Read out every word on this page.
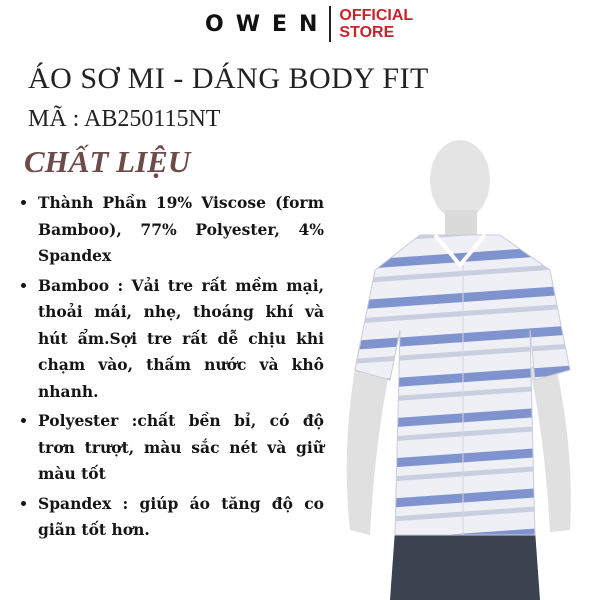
OWEN OFFICIAL
STORE
ÁO SƠ MI - DÁNG BODY FIT
MÃ : AB250115NT
CHẤT LIỆU
• Thành Phần 19% Viscose (form Bamboo), 77% Polyester, 4% Spandex
• Bamboo : Vải tre rất mềm mại, thoải mái, nhẹ, thoáng khí và hút ẩm.Sợi tre rất dễ chịu khi chạm vào, thấm nước và khô nhanh.
• Polyester :chất bền bỉ, có độ trơn trượt, màu sắc nét và giữ màu tốt
• Spandex : giúp áo tăng độ co giãn tốt hơn.
